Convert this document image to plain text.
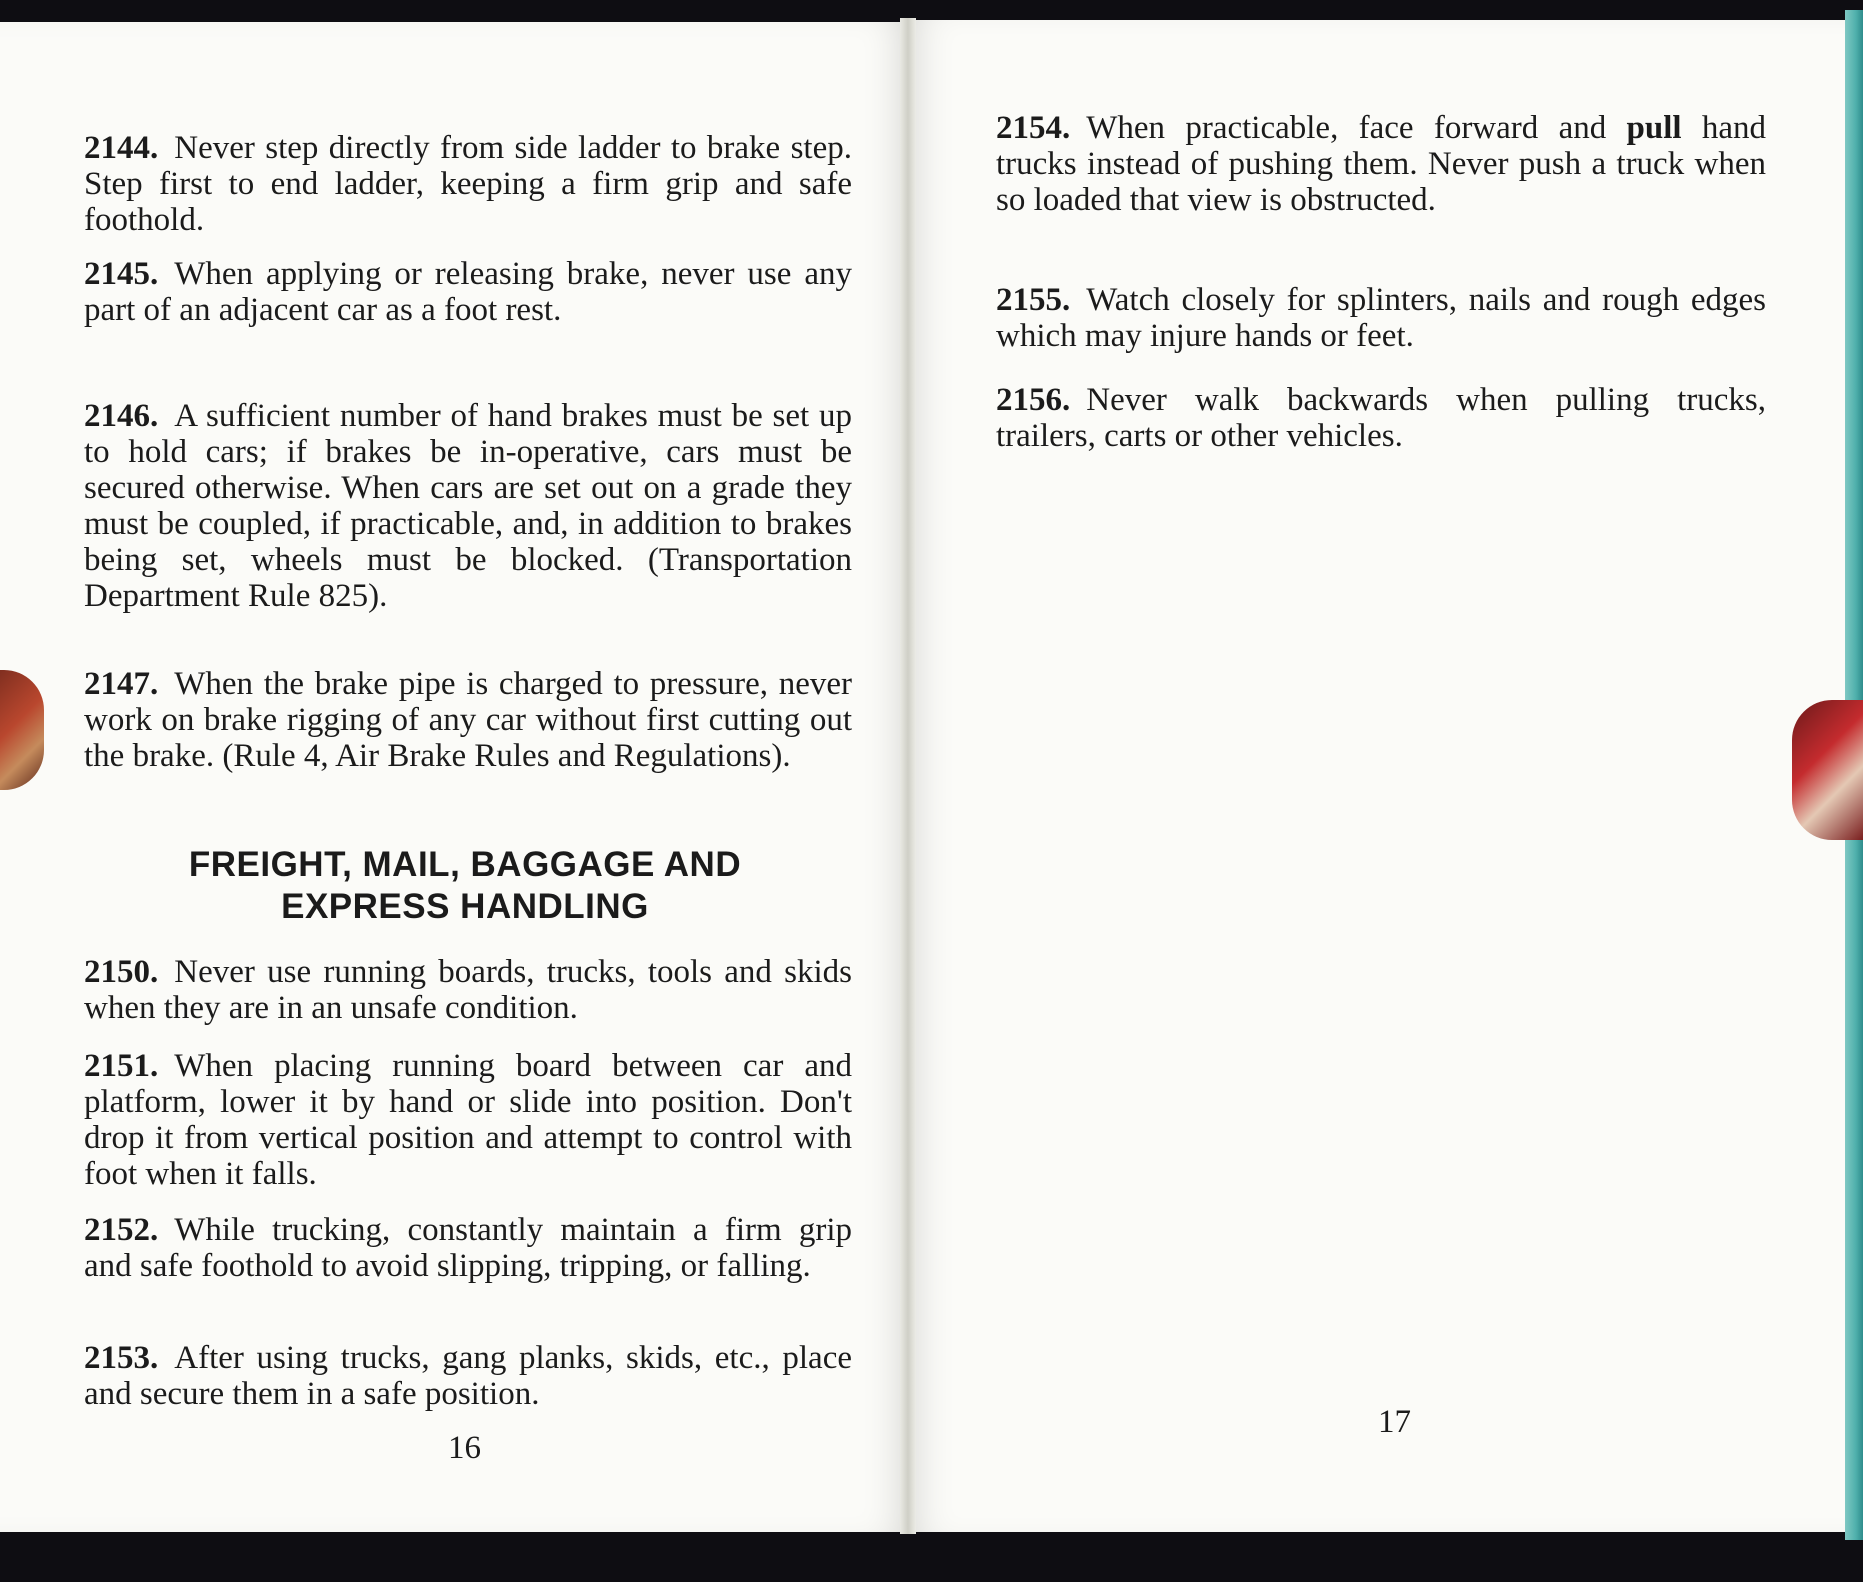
2144. Never step directly from side ladder to brake step. Step first to end ladder, keeping a firm grip and safe foothold.

2145. When applying or releasing brake, never use any part of an adjacent car as a foot rest.

2146. A sufficient number of hand brakes must be set up to hold cars; if brakes be in-operative, cars must be secured otherwise. When cars are set out on a grade they must be coupled, if practicable, and, in addition to brakes being set, wheels must be blocked. (Transportation Department Rule 825).

2147. When the brake pipe is charged to pressure, never work on brake rigging of any car without first cutting out the brake. (Rule 4, Air Brake Rules and Regulations).

FREIGHT, MAIL, BAGGAGE AND
EXPRESS HANDLING

2150. Never use running boards, trucks, tools and skids when they are in an unsafe condition.

2151. When placing running board between car and platform, lower it by hand or slide into position. Don't drop it from vertical position and attempt to control with foot when it falls.

2152. While trucking, constantly maintain a firm grip and safe foothold to avoid slipping, tripping, or falling.

2153. After using trucks, gang planks, skids, etc., place and secure them in a safe position.

16

2154. When practicable, face forward and pull hand trucks instead of pushing them. Never push a truck when so loaded that view is obstructed.

2155. Watch closely for splinters, nails and rough edges which may injure hands or feet.

2156. Never walk backwards when pulling trucks, trailers, carts or other vehicles.

17
